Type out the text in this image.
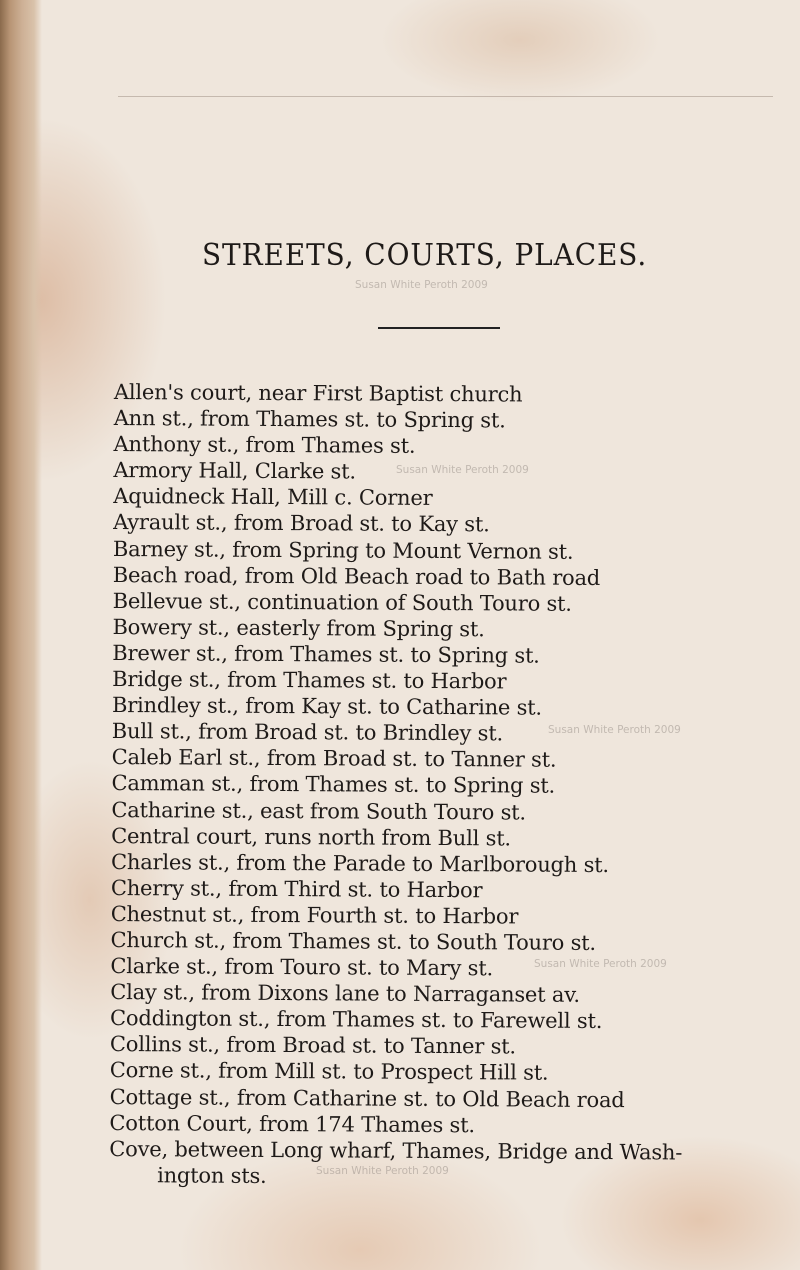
STREETS, COURTS, PLACES.
Susan White Peroth 2009
Susan White Peroth 2009
Susan White Peroth 2009
Susan White Peroth 2009
Susan White Peroth 2009
Allen's court, near First Baptist church
Ann st., from Thames st. to Spring st.
Anthony st., from Thames st.
Armory Hall, Clarke st.
Aquidneck Hall, Mill c. Corner
Ayrault st., from Broad st. to Kay st.
Barney st., from Spring to Mount Vernon st.
Beach road, from Old Beach road to Bath road
Bellevue st., continuation of South Touro st.
Bowery st., easterly from Spring st.
Brewer st., from Thames st. to Spring st.
Bridge st., from Thames st. to Harbor
Brindley st., from Kay st. to Catharine st.
Bull st., from Broad st. to Brindley st.
Caleb Earl st., from Broad st. to Tanner st.
Camman st., from Thames st. to Spring st.
Catharine st., east from South Touro st.
Central court, runs north from Bull st.
Charles st., from the Parade to Marlborough st.
Cherry st., from Third st. to Harbor
Chestnut st., from Fourth st. to Harbor
Church st., from Thames st. to South Touro st.
Clarke st., from Touro st. to Mary st.
Clay st., from Dixons lane to Narraganset av.
Coddington st., from Thames st. to Farewell st.
Collins st., from Broad st. to Tanner st.
Corne st., from Mill st. to Prospect Hill st.
Cottage st., from Catharine st. to Old Beach road
Cotton Court, from 174 Thames st.
Cove, between Long wharf, Thames, Bridge and Wash-
ington sts.
